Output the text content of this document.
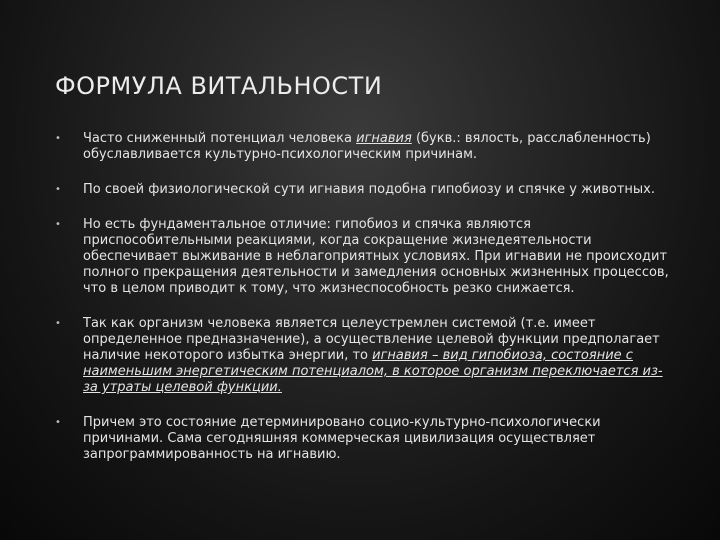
ФОРМУЛА ВИТАЛЬНОСТИ
• Часто сниженный потенциал человека игнавия (букв.: вялость, расслабленность) обуславливается культурно-психологическим причинам.
• По своей физиологической сути игнавия подобна гипобиозу и спячке у животных.
• Но есть фундаментальное отличие: гипобиоз и спячка являются приспособительными реакциями, когда сокращение жизнедеятельности обеспечивает выживание в неблагоприятных условиях. При игнавии не происходит полного прекращения деятельности и замедления основных жизненных процессов, что в целом приводит к тому, что жизнеспособность резко снижается.
• Так как организм человека является целеустремлен системой (т.е. имеет определенное предназначение), а осуществление целевой функции предполагает наличие некоторого избытка энергии, то игнавия – вид гипобиоза, состояние с наименьшим энергетическим потенциалом, в которое организм переключается из-за утраты целевой функции.
• Причем это состояние детерминировано социо-культурно-психологически причинами. Сама сегодняшняя коммерческая цивилизация осуществляет запрограммированность на игнавию.
